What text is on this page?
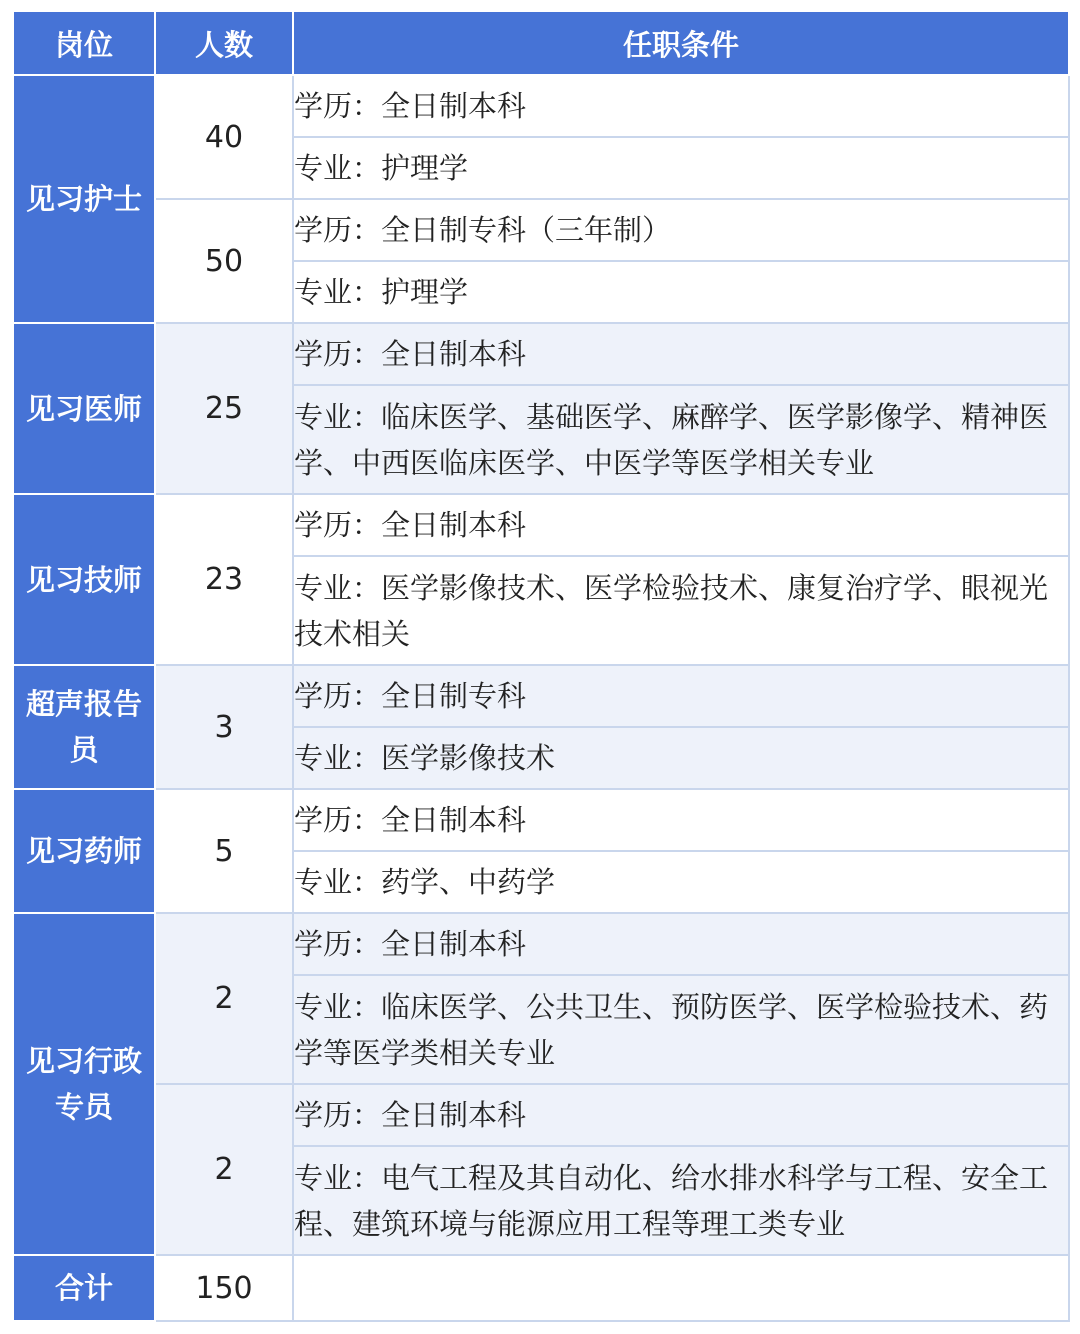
岗位	人数	任职条件
见习护士	40	学历：全日制本科
		专业：护理学
	50	学历：全日制专科（三年制）
		专业：护理学
见习医师	25	学历：全日制本科
		专业：临床医学、基础医学、麻醉学、医学影像学、精神医学、中西医临床医学、中医学等医学相关专业
见习技师	23	学历：全日制本科
		专业：医学影像技术、医学检验技术、康复治疗学、眼视光技术相关
超声报告员	3	学历：全日制专科
		专业：医学影像技术
见习药师	5	学历：全日制本科
		专业：药学、中药学
见习行政专员	2	学历：全日制本科
		专业：临床医学、公共卫生、预防医学、医学检验技术、药学等医学类相关专业
	2	学历：全日制本科
		专业：电气工程及其自动化、给水排水科学与工程、安全工程、建筑环境与能源应用工程等理工类专业
合计	150	
